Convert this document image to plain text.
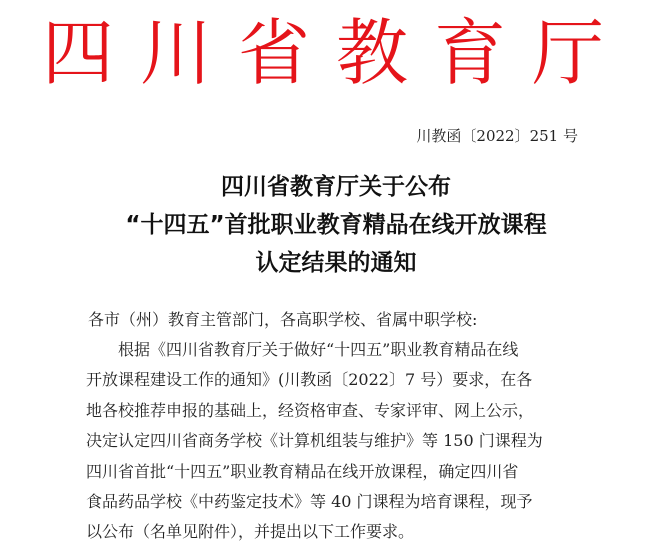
四川省教育厅
川教函〔2022〕251 号
四川省教育厅关于公布
“十四五”首批职业教育精品在线开放课程
认定结果的通知
各市（州）教育主管部门，各高职学校、省属中职学校:
根据《四川省教育厅关于做好“十四五”职业教育精品在线
开放课程建设工作的通知》(川教函〔2022〕7 号）要求，在各
地各校推荐申报的基础上，经资格审查、专家评审、网上公示，
决定认定四川省商务学校《计算机组装与维护》等 150 门课程为
四川省首批“十四五”职业教育精品在线开放课程，确定四川省
食品药品学校《中药鉴定技术》等 40 门课程为培育课程，现予
以公布（名单见附件），并提出以下工作要求。
